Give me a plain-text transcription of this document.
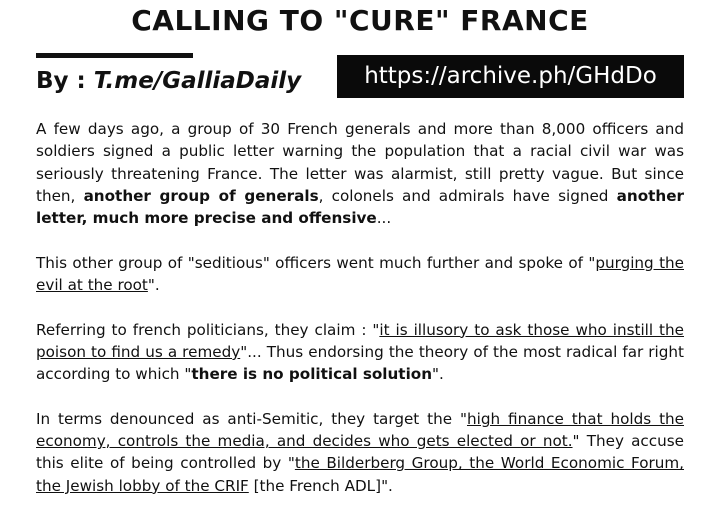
CALLING TO "CURE" FRANCE
By : T.me/GalliaDaily	https://archive.ph/GHdDo

A few days ago, a group of 30 French generals and more than 8,000 officers and soldiers signed a public letter warning the population that a racial civil war was seriously threatening France. The letter was alarmist, still pretty vague. But since then, another group of generals, colonels and admirals have signed another letter, much more precise and offensive...

This other group of "seditious" officers went much further and spoke of "purging the evil at the root".

Referring to french politicians, they claim : "it is illusory to ask those who instill the poison to find us a remedy"... Thus endorsing the theory of the most radical far right according to which "there is no political solution".

In terms denounced as anti-Semitic, they target the "high finance that holds the economy, controls the media, and decides who gets elected or not." They accuse this elite of being controlled by "the Bilderberg Group, the World Economic Forum, the Jewish lobby of the CRIF [the French ADL]".
